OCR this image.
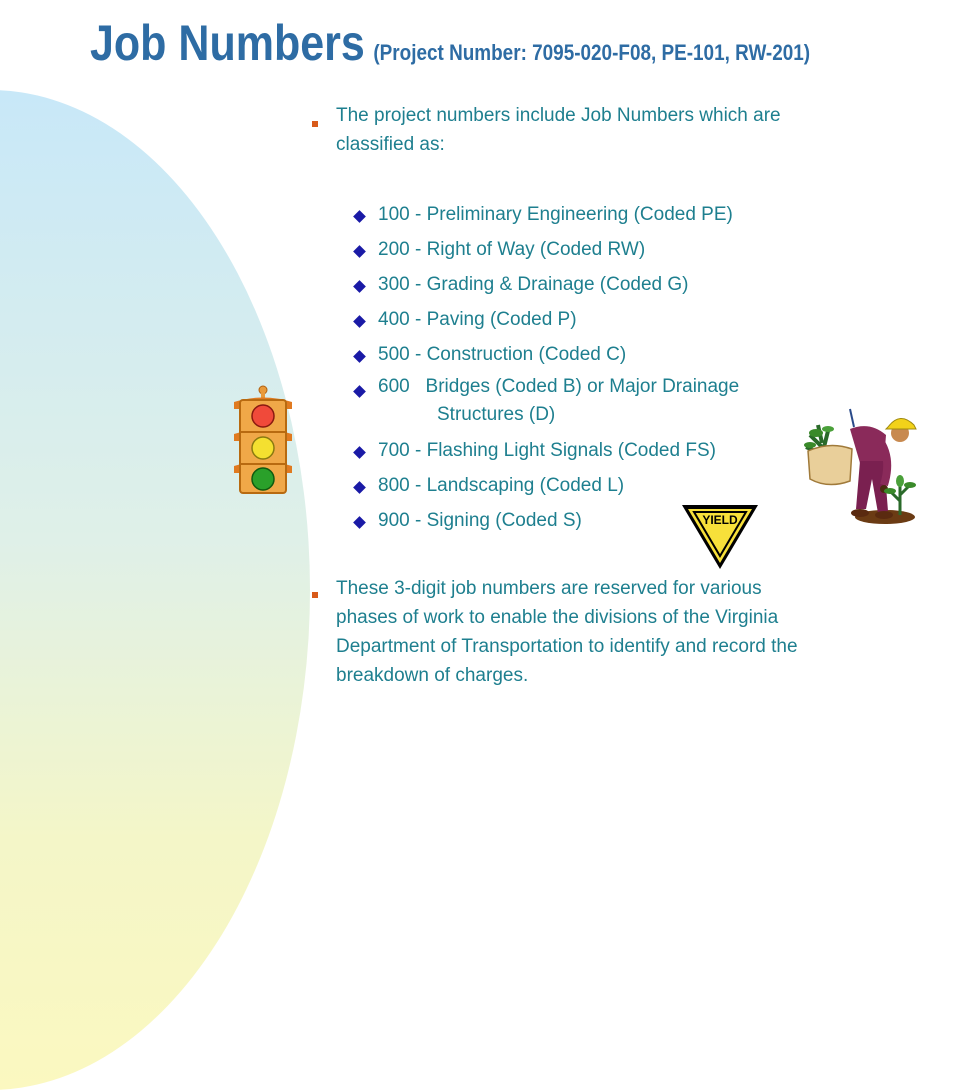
Job Numbers (Project Number: 7095-020-F08, PE-101, RW-201)
The project numbers include Job Numbers which are
classified as:
100 - Preliminary Engineering (Coded PE)
200 - Right of Way (Coded RW)
300 - Grading & Drainage (Coded G)
400 - Paving (Coded P)
500 - Construction (Coded C)
600   Bridges (Coded B) or Major Drainage
Structures (D)
700 - Flashing Light Signals (Coded FS)
800 - Landscaping (Coded L)
900 - Signing (Coded S)
These 3-digit job numbers are reserved for various
phases of work to enable the divisions of the Virginia
Department of Transportation to identify and record the
breakdown of charges.
YIELD
